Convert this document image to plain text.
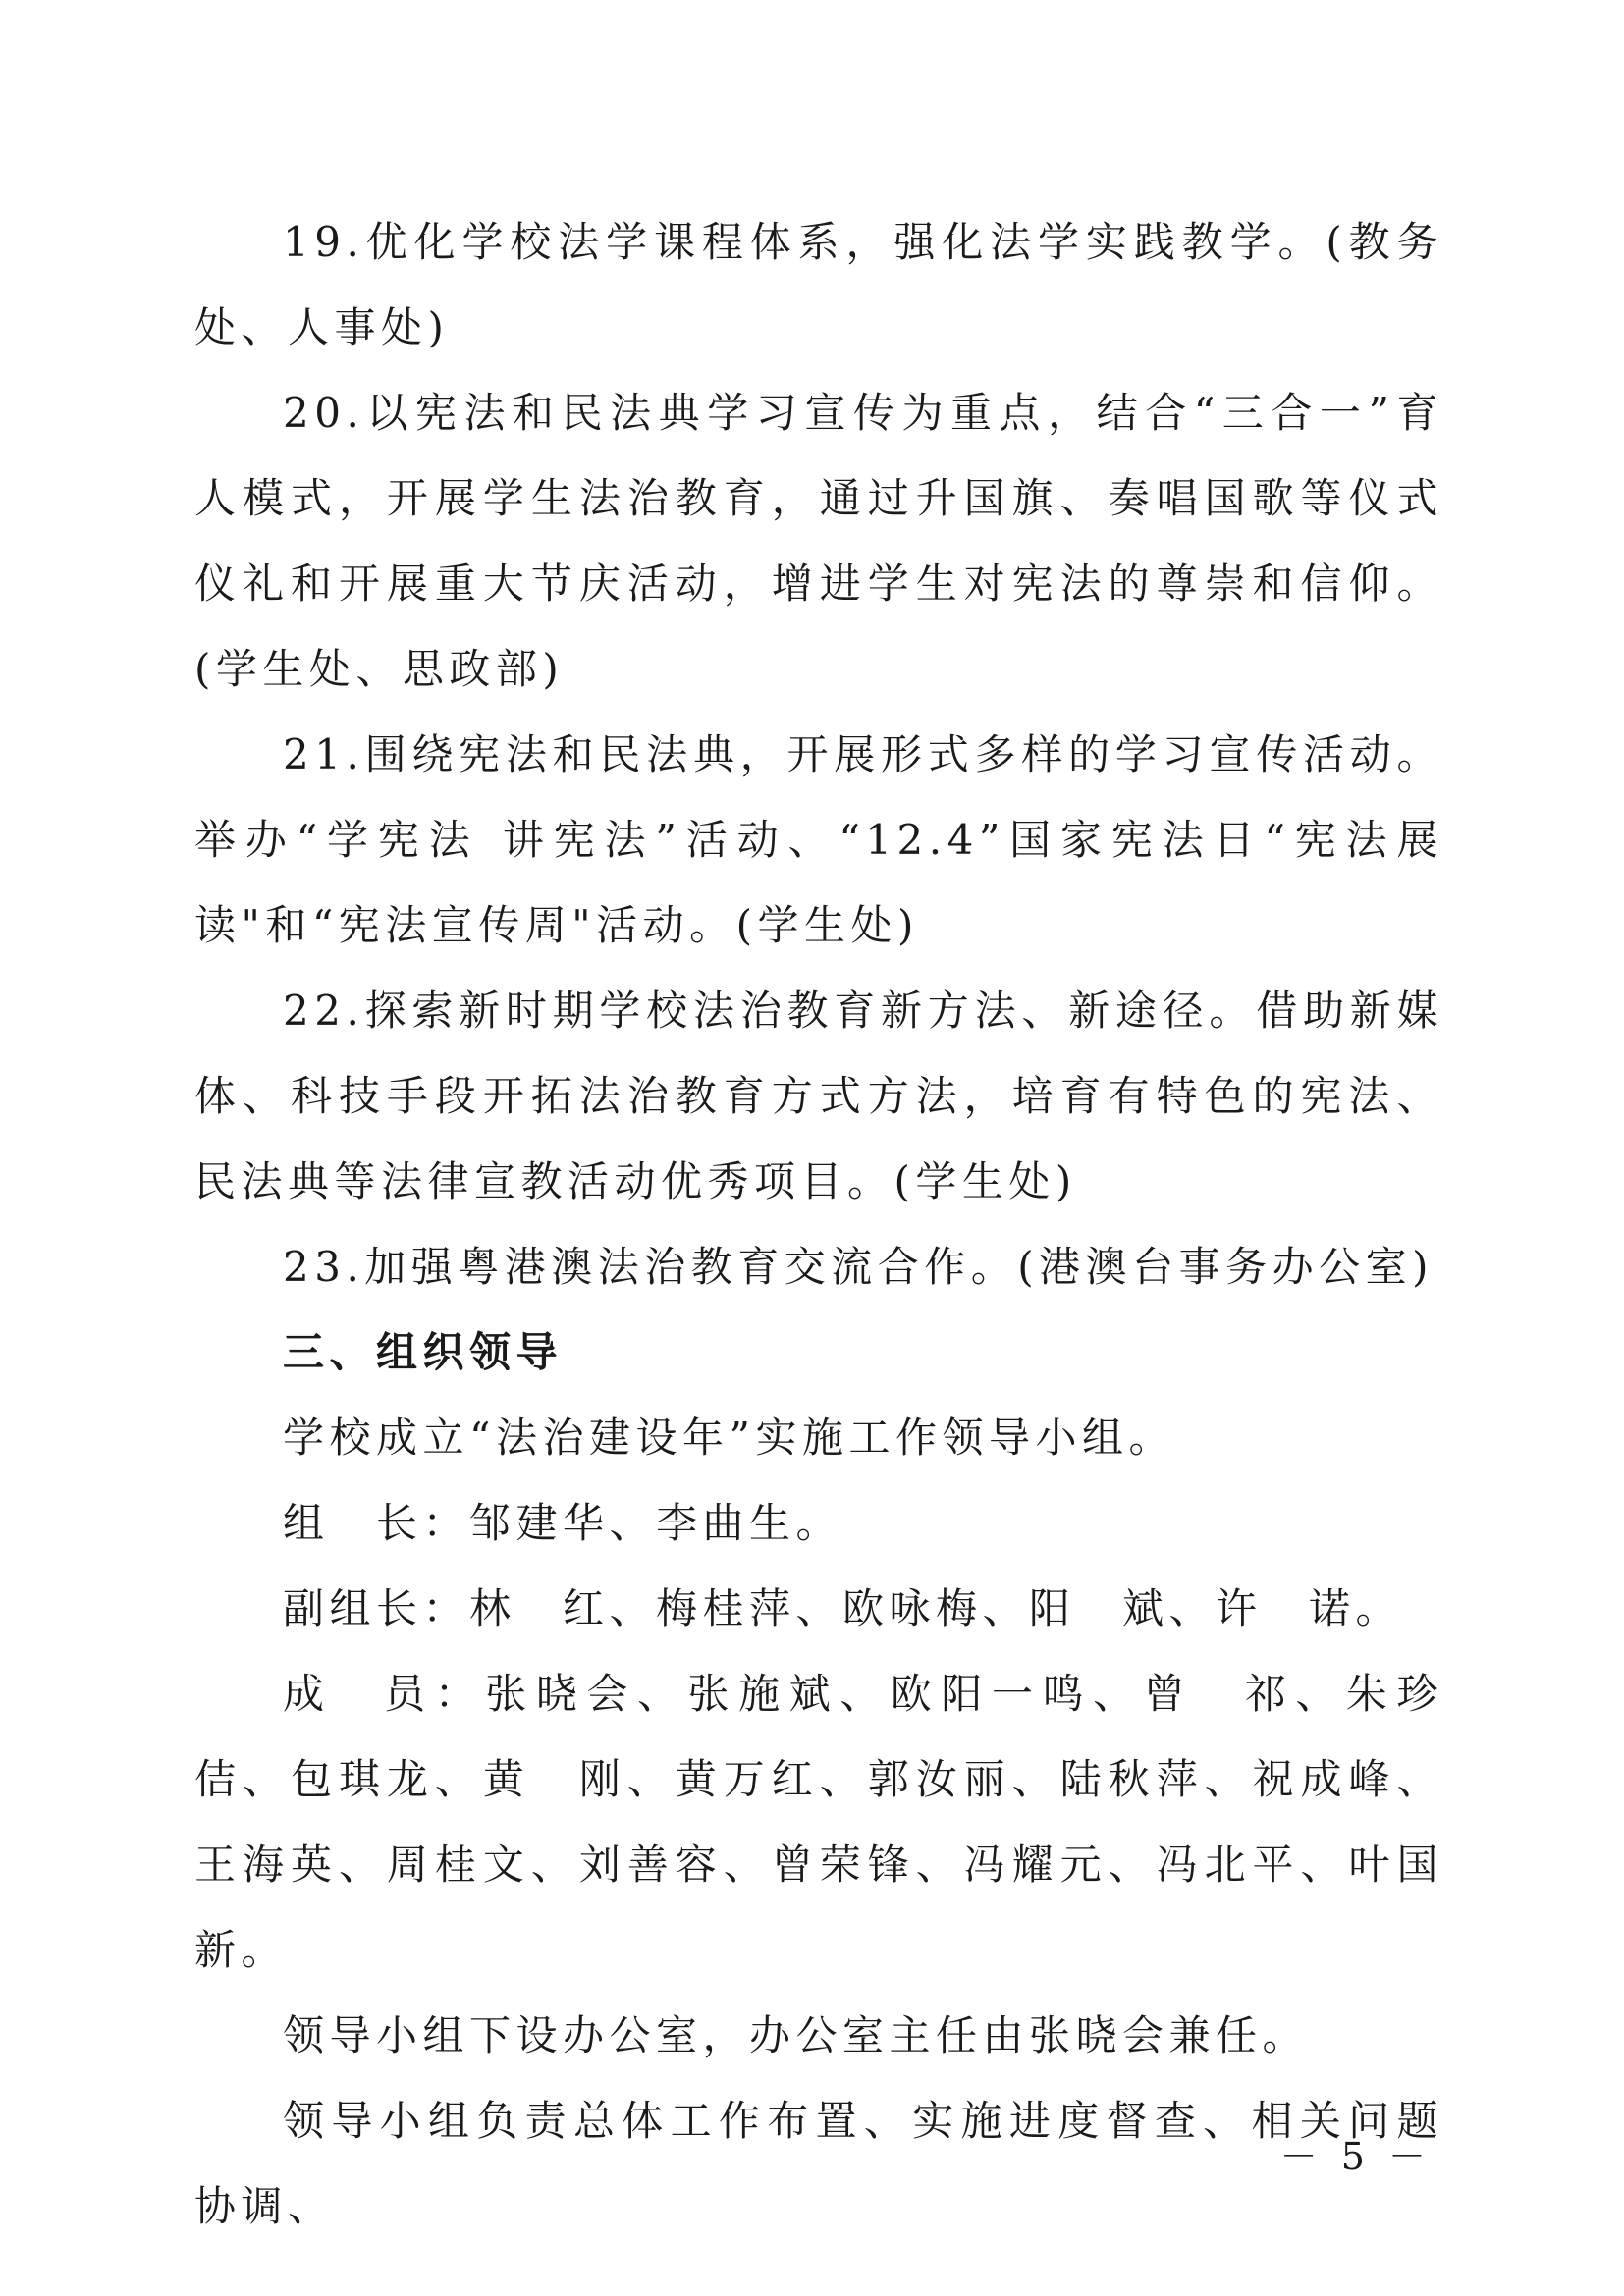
19.优化学校法学课程体系，强化法学实践教学。(教务处、人事处)

20.以宪法和民法典学习宣传为重点，结合“三合一”育人模式，开展学生法治教育，通过升国旗、奏唱国歌等仪式仪礼和开展重大节庆活动，增进学生对宪法的尊崇和信仰。(学生处、思政部)

21.围绕宪法和民法典，开展形式多样的学习宣传活动。举办“学宪法 讲宪法”活动、“12.4”国家宪法日“宪法展读"和“宪法宣传周"活动。(学生处)

22.探索新时期学校法治教育新方法、新途径。借助新媒体、科技手段开拓法治教育方式方法，培育有特色的宪法、民法典等法律宣教活动优秀项目。(学生处)

23.加强粤港澳法治教育交流合作。(港澳台事务办公室)

三、组织领导

学校成立“法治建设年”实施工作领导小组。

组　长：邹建华、李曲生。

副组长：林　红、梅桂萍、欧咏梅、阳　斌、许　诺。

成　员：张晓会、张施斌、欧阳一鸣、曾　祁、朱珍佶、包琪龙、黄　刚、黄万红、郭汝丽、陆秋萍、祝成峰、王海英、周桂文、刘善容、曾荣锋、冯耀元、冯北平、叶国新。

领导小组下设办公室，办公室主任由张晓会兼任。

领导小组负责总体工作布置、实施进度督查、相关问题协调、

－ 5 －
